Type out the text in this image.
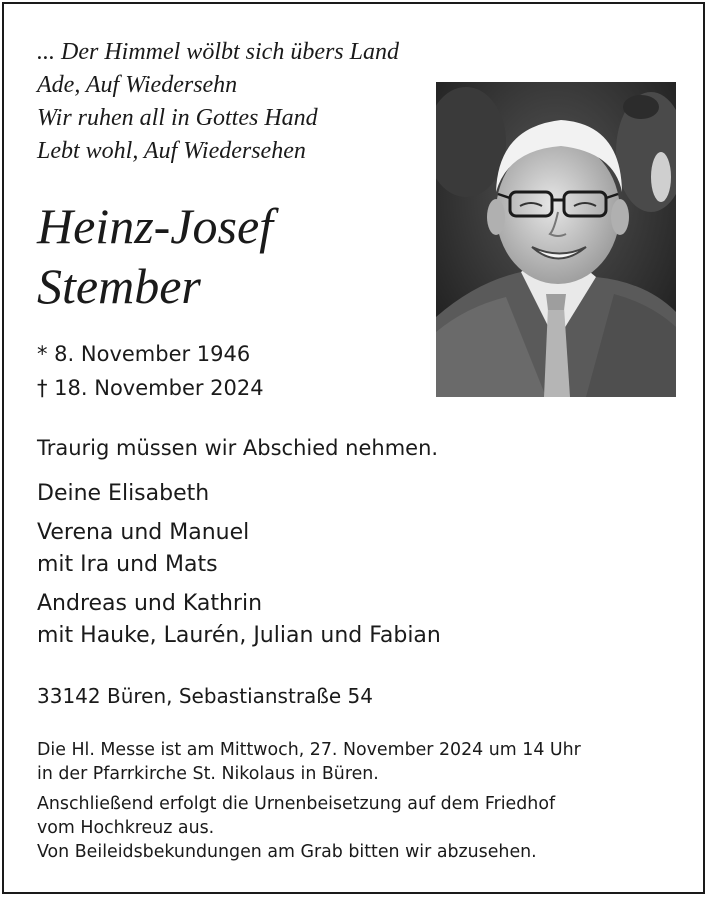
... Der Himmel wölbt sich übers Land
Ade, Auf Wiedersehn
Wir ruhen all in Gottes Hand
Lebt wohl, Auf Wiedersehen
Heinz-Josef
Stember
* 8. November 1946
† 18. November 2024
Traurig müssen wir Abschied nehmen.
Deine Elisabeth
Verena und Manuel
mit Ira und Mats
Andreas und Kathrin
mit Hauke, Laurén, Julian und Fabian
33142 Büren, Sebastianstraße 54
Die Hl. Messe ist am Mittwoch, 27. November 2024 um 14 Uhr
in der Pfarrkirche St. Nikolaus in Büren.
Anschließend erfolgt die Urnenbeisetzung auf dem Friedhof
vom Hochkreuz aus.
Von Beileidsbekundungen am Grab bitten wir abzusehen.
